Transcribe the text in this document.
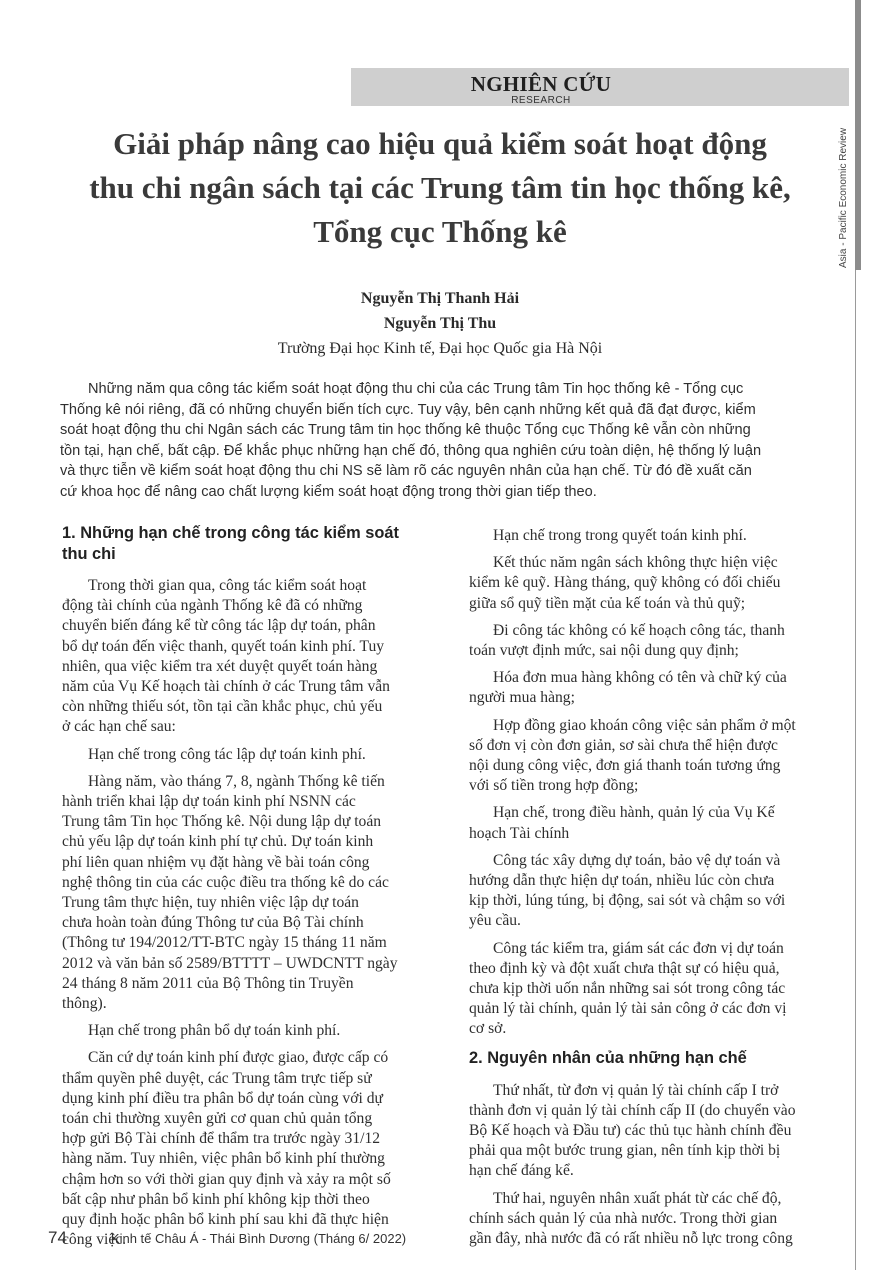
Asia - Pacific Economic Review
NGHIÊN CỨU
RESEARCH
Giải pháp nâng cao hiệu quả kiểm soát hoạt động
thu chi ngân sách tại các Trung tâm tin học thống kê,
Tổng cục Thống kê
Nguyễn Thị Thanh Hải
Nguyễn Thị Thu
Trường Đại học Kinh tế, Đại học Quốc gia Hà Nội
Những năm qua công tác kiểm soát hoạt động thu chi của các Trung tâm Tin học thống kê - Tổng cục
Thống kê nói riêng, đã có những chuyển biến tích cực. Tuy vậy, bên cạnh những kết quả đã đạt được, kiểm
soát hoạt động thu chi Ngân sách các Trung tâm tin học thống kê thuộc Tổng cục Thống kê vẫn còn những
tồn tại, hạn chế, bất cập. Để khắc phục những hạn chế đó, thông qua nghiên cứu toàn diện, hệ thống lý luận
và thực tiễn về kiểm soát hoạt động thu chi NS sẽ làm rõ các nguyên nhân của hạn chế. Từ đó đề xuất căn
cứ khoa học để nâng cao chất lượng kiểm soát hoạt động trong thời gian tiếp theo.
1. Những hạn chế trong công tác kiểm soát
thu chi
Trong thời gian qua, công tác kiểm soát hoạt
động tài chính của ngành Thống kê đã có những
chuyển biến đáng kể từ công tác lập dự toán, phân
bổ dự toán đến việc thanh, quyết toán kinh phí. Tuy
nhiên, qua việc kiểm tra xét duyệt quyết toán hàng
năm của Vụ Kế hoạch tài chính ở các Trung tâm vẫn
còn những thiếu sót, tồn tại cần khắc phục, chủ yếu
ở các hạn chế sau:
Hạn chế trong công tác lập dự toán kinh phí.
Hàng năm, vào tháng 7, 8, ngành Thống kê tiến
hành triển khai lập dự toán kinh phí NSNN các
Trung tâm Tin học Thống kê. Nội dung lập dự toán
chủ yếu lập dự toán kinh phí tự chủ. Dự toán kinh
phí liên quan nhiệm vụ đặt hàng về bài toán công
nghệ thông tin của các cuộc điều tra thống kê do các
Trung tâm thực hiện, tuy nhiên việc lập dự toán
chưa hoàn toàn đúng Thông tư của Bộ Tài chính
(Thông tư 194/2012/TT-BTC ngày 15 tháng 11 năm
2012 và văn bản số 2589/BTTTT – UWDCNTT ngày
24 tháng 8 năm 2011 của Bộ Thông tin Truyền
thông).
Hạn chế trong phân bổ dự toán kinh phí.
Căn cứ dự toán kinh phí được giao, được cấp có
thẩm quyền phê duyệt, các Trung tâm trực tiếp sử
dụng kinh phí điều tra phân bổ dự toán cùng với dự
toán chi thường xuyên gửi cơ quan chủ quản tổng
hợp gửi Bộ Tài chính để thẩm tra trước ngày 31/12
hàng năm. Tuy nhiên, việc phân bổ kinh phí thường
chậm hơn so với thời gian quy định và xảy ra một số
bất cập như phân bổ kinh phí không kịp thời theo
quy định hoặc phân bổ kinh phí sau khi đã thực hiện
công việc.
Hạn chế trong trong quyết toán kinh phí.
Kết thúc năm ngân sách không thực hiện việc
kiểm kê quỹ. Hàng tháng, quỹ không có đối chiếu
giữa sổ quỹ tiền mặt của kế toán và thủ quỹ;
Đi công tác không có kế hoạch công tác, thanh
toán vượt định mức, sai nội dung quy định;
Hóa đơn mua hàng không có tên và chữ ký của
người mua hàng;
Hợp đồng giao khoán công việc sản phẩm ở một
số đơn vị còn đơn giản, sơ sài chưa thể hiện được
nội dung công việc, đơn giá thanh toán tương ứng
với số tiền trong hợp đồng;
Hạn chế, trong điều hành, quản lý của Vụ Kế
hoạch Tài chính
Công tác xây dựng dự toán, bảo vệ dự toán và
hướng dẫn thực hiện dự toán, nhiều lúc còn chưa
kịp thời, lúng túng, bị động, sai sót và chậm so với
yêu cầu.
Công tác kiểm tra, giám sát các đơn vị dự toán
theo định kỳ và đột xuất chưa thật sự có hiệu quả,
chưa kịp thời uốn nắn những sai sót trong công tác
quản lý tài chính, quản lý tài sản công ở các đơn vị
cơ sở.
2. Nguyên nhân của những hạn chế
Thứ nhất, từ đơn vị quản lý tài chính cấp I trở
thành đơn vị quản lý tài chính cấp II (do chuyển vào
Bộ Kế hoạch và Đầu tư) các thủ tục hành chính đều
phải qua một bước trung gian, nên tính kịp thời bị
hạn chế đáng kể.
Thứ hai, nguyên nhân xuất phát từ các chế độ,
chính sách quản lý của nhà nước. Trong thời gian
gần đây, nhà nước đã có rất nhiều nỗ lực trong công
74	Kinh tế Châu Á - Thái Bình Dương (Tháng 6/ 2022)
